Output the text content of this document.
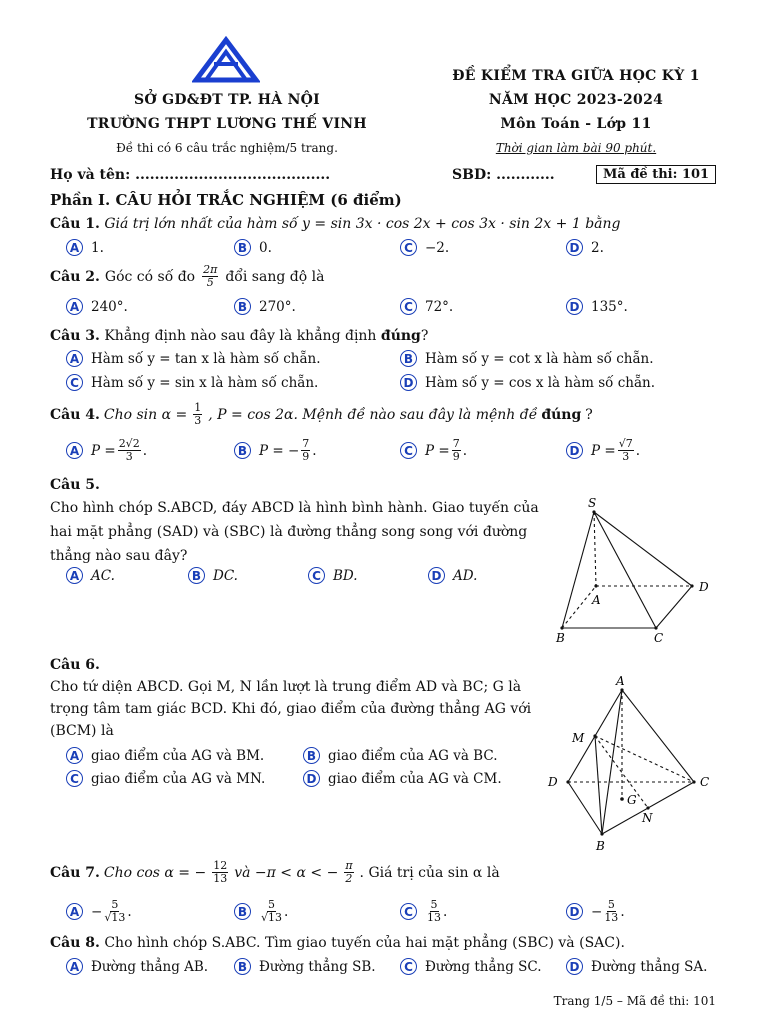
SỞ GD&ĐT TP. HÀ NỘI
TRƯỜNG THPT LƯƠNG THẾ VINH
Đề thi có 6 câu trắc nghiệm/5 trang.
ĐỀ KIỂM TRA GIỮA HỌC KỲ 1
NĂM HỌC 2023-2024
Môn Toán - Lớp 11
Thời gian làm bài 90 phút.
Họ và tên: ........................................	SBD: ............	Mã đề thi: 101
Phần I. CÂU HỎI TRẮC NGHIỆM (6 điểm)
Câu 1. Giá trị lớn nhất của hàm số y = sin 3x · cos 2x + cos 3x · sin 2x + 1 bằng
A 1.	B 0.	C −2.	D 2.
Câu 2. Góc có số đo $\frac{2\pi}{5}$ đổi sang độ là
A 240°.	B 270°.	C 72°.	D 135°.
Câu 3. Khẳng định nào sau đây là khẳng định đúng?
A Hàm số y = tan x là hàm số chẵn.	B Hàm số y = cot x là hàm số chẵn.
C Hàm số y = sin x là hàm số chẵn.	D Hàm số y = cos x là hàm số chẵn.
Câu 4. Cho $\sin \alpha = \frac{1}{3}$ , P = cos 2α. Mệnh đề nào sau đây là mệnh đề đúng ?
A $P = \frac{2√2}{3}$ .	B P = − $\frac{7}{9}$ .	C $P = \frac{7}{9}$ .	D $P = \frac{√7}{3}$ .
Câu 5.
Cho hình chóp S.ABCD, đáy ABCD là hình bình hành. Giao tuyến của
hai mặt phẳng (SAD) và (SBC) là đường thẳng song song với đường
thẳng nào sau đây?
A AC.	B DC.	C BD.	D AD.
S
A
B	C
D
Câu 6.
Cho tứ diện ABCD. Gọi M, N lần lượt là trung điểm AD và BC; G là
trọng tâm tam giác BCD. Khi đó, giao điểm của đường thẳng AG với
(BCM) là
A giao điểm của AG và BM.	B giao điểm của AG và BC.
C giao điểm của AG và MN.	D giao điểm của AG và CM.
A
M
D	C
B
N
G
Câu 7. Cho cos α = − $\frac{12}{13}$ và −π < α < − $\frac{\pi}{2}$ . Giá trị của sin α là
$A - \frac{5}{√13}$ .	B	$\frac{5}{√13}$ .	C	$\frac{5}{13}$ .	$D - \frac{5}{13}$ .
Câu 8. Cho hình chóp S.ABC. Tìm giao tuyến của hai mặt phẳng (SBC) và (SAC).
A Đường thẳng AB.	B Đường thẳng SB.	C Đường thẳng SC. D Đường thẳng SA.
Trang 1/5 – Mã đề thi: 101
